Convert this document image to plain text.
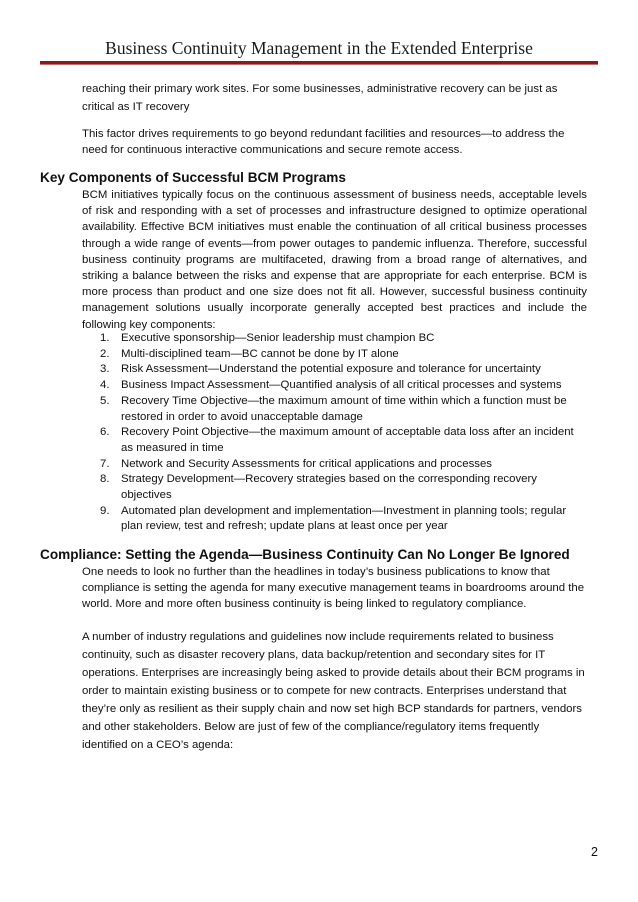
Business Continuity Management in the Extended Enterprise

reaching their primary work sites. For some businesses, administrative recovery can be just as critical as IT recovery

This factor drives requirements to go beyond redundant facilities and resources—to address the need for continuous interactive communications and secure remote access.

Key Components of Successful BCM Programs

BCM initiatives typically focus on the continuous assessment of business needs, acceptable levels of risk and responding with a set of processes and infrastructure designed to optimize operational availability. Effective BCM initiatives must enable the continuation of all critical business processes through a wide range of events—from power outages to pandemic influenza. Therefore, successful business continuity programs are multifaceted, drawing from a broad range of alternatives, and striking a balance between the risks and expense that are appropriate for each enterprise. BCM is more process than product and one size does not fit all. However, successful business continuity management solutions usually incorporate generally accepted best practices and include the following key components:

1. Executive sponsorship—Senior leadership must champion BC
2. Multi-disciplined team—BC cannot be done by IT alone
3. Risk Assessment—Understand the potential exposure and tolerance for uncertainty
4. Business Impact Assessment—Quantified analysis of all critical processes and systems
5. Recovery Time Objective—the maximum amount of time within which a function must be restored in order to avoid unacceptable damage
6. Recovery Point Objective—the maximum amount of acceptable data loss after an incident as measured in time
7. Network and Security Assessments for critical applications and processes
8. Strategy Development—Recovery strategies based on the corresponding recovery objectives
9. Automated plan development and implementation—Investment in planning tools; regular plan review, test and refresh; update plans at least once per year
Compliance: Setting the Agenda—Business Continuity Can No Longer Be Ignored

One needs to look no further than the headlines in today’s business publications to know that compliance is setting the agenda for many executive management teams in boardrooms around the world. More and more often business continuity is being linked to regulatory compliance.

A number of industry regulations and guidelines now include requirements related to business continuity, such as disaster recovery plans, data backup/retention and secondary sites for IT operations. Enterprises are increasingly being asked to provide details about their BCM programs in order to maintain existing business or to compete for new contracts. Enterprises understand that they’re only as resilient as their supply chain and now set high BCP standards for partners, vendors and other stakeholders. Below are just of few of the compliance/regulatory items frequently identified on a CEO’s agenda:

2
